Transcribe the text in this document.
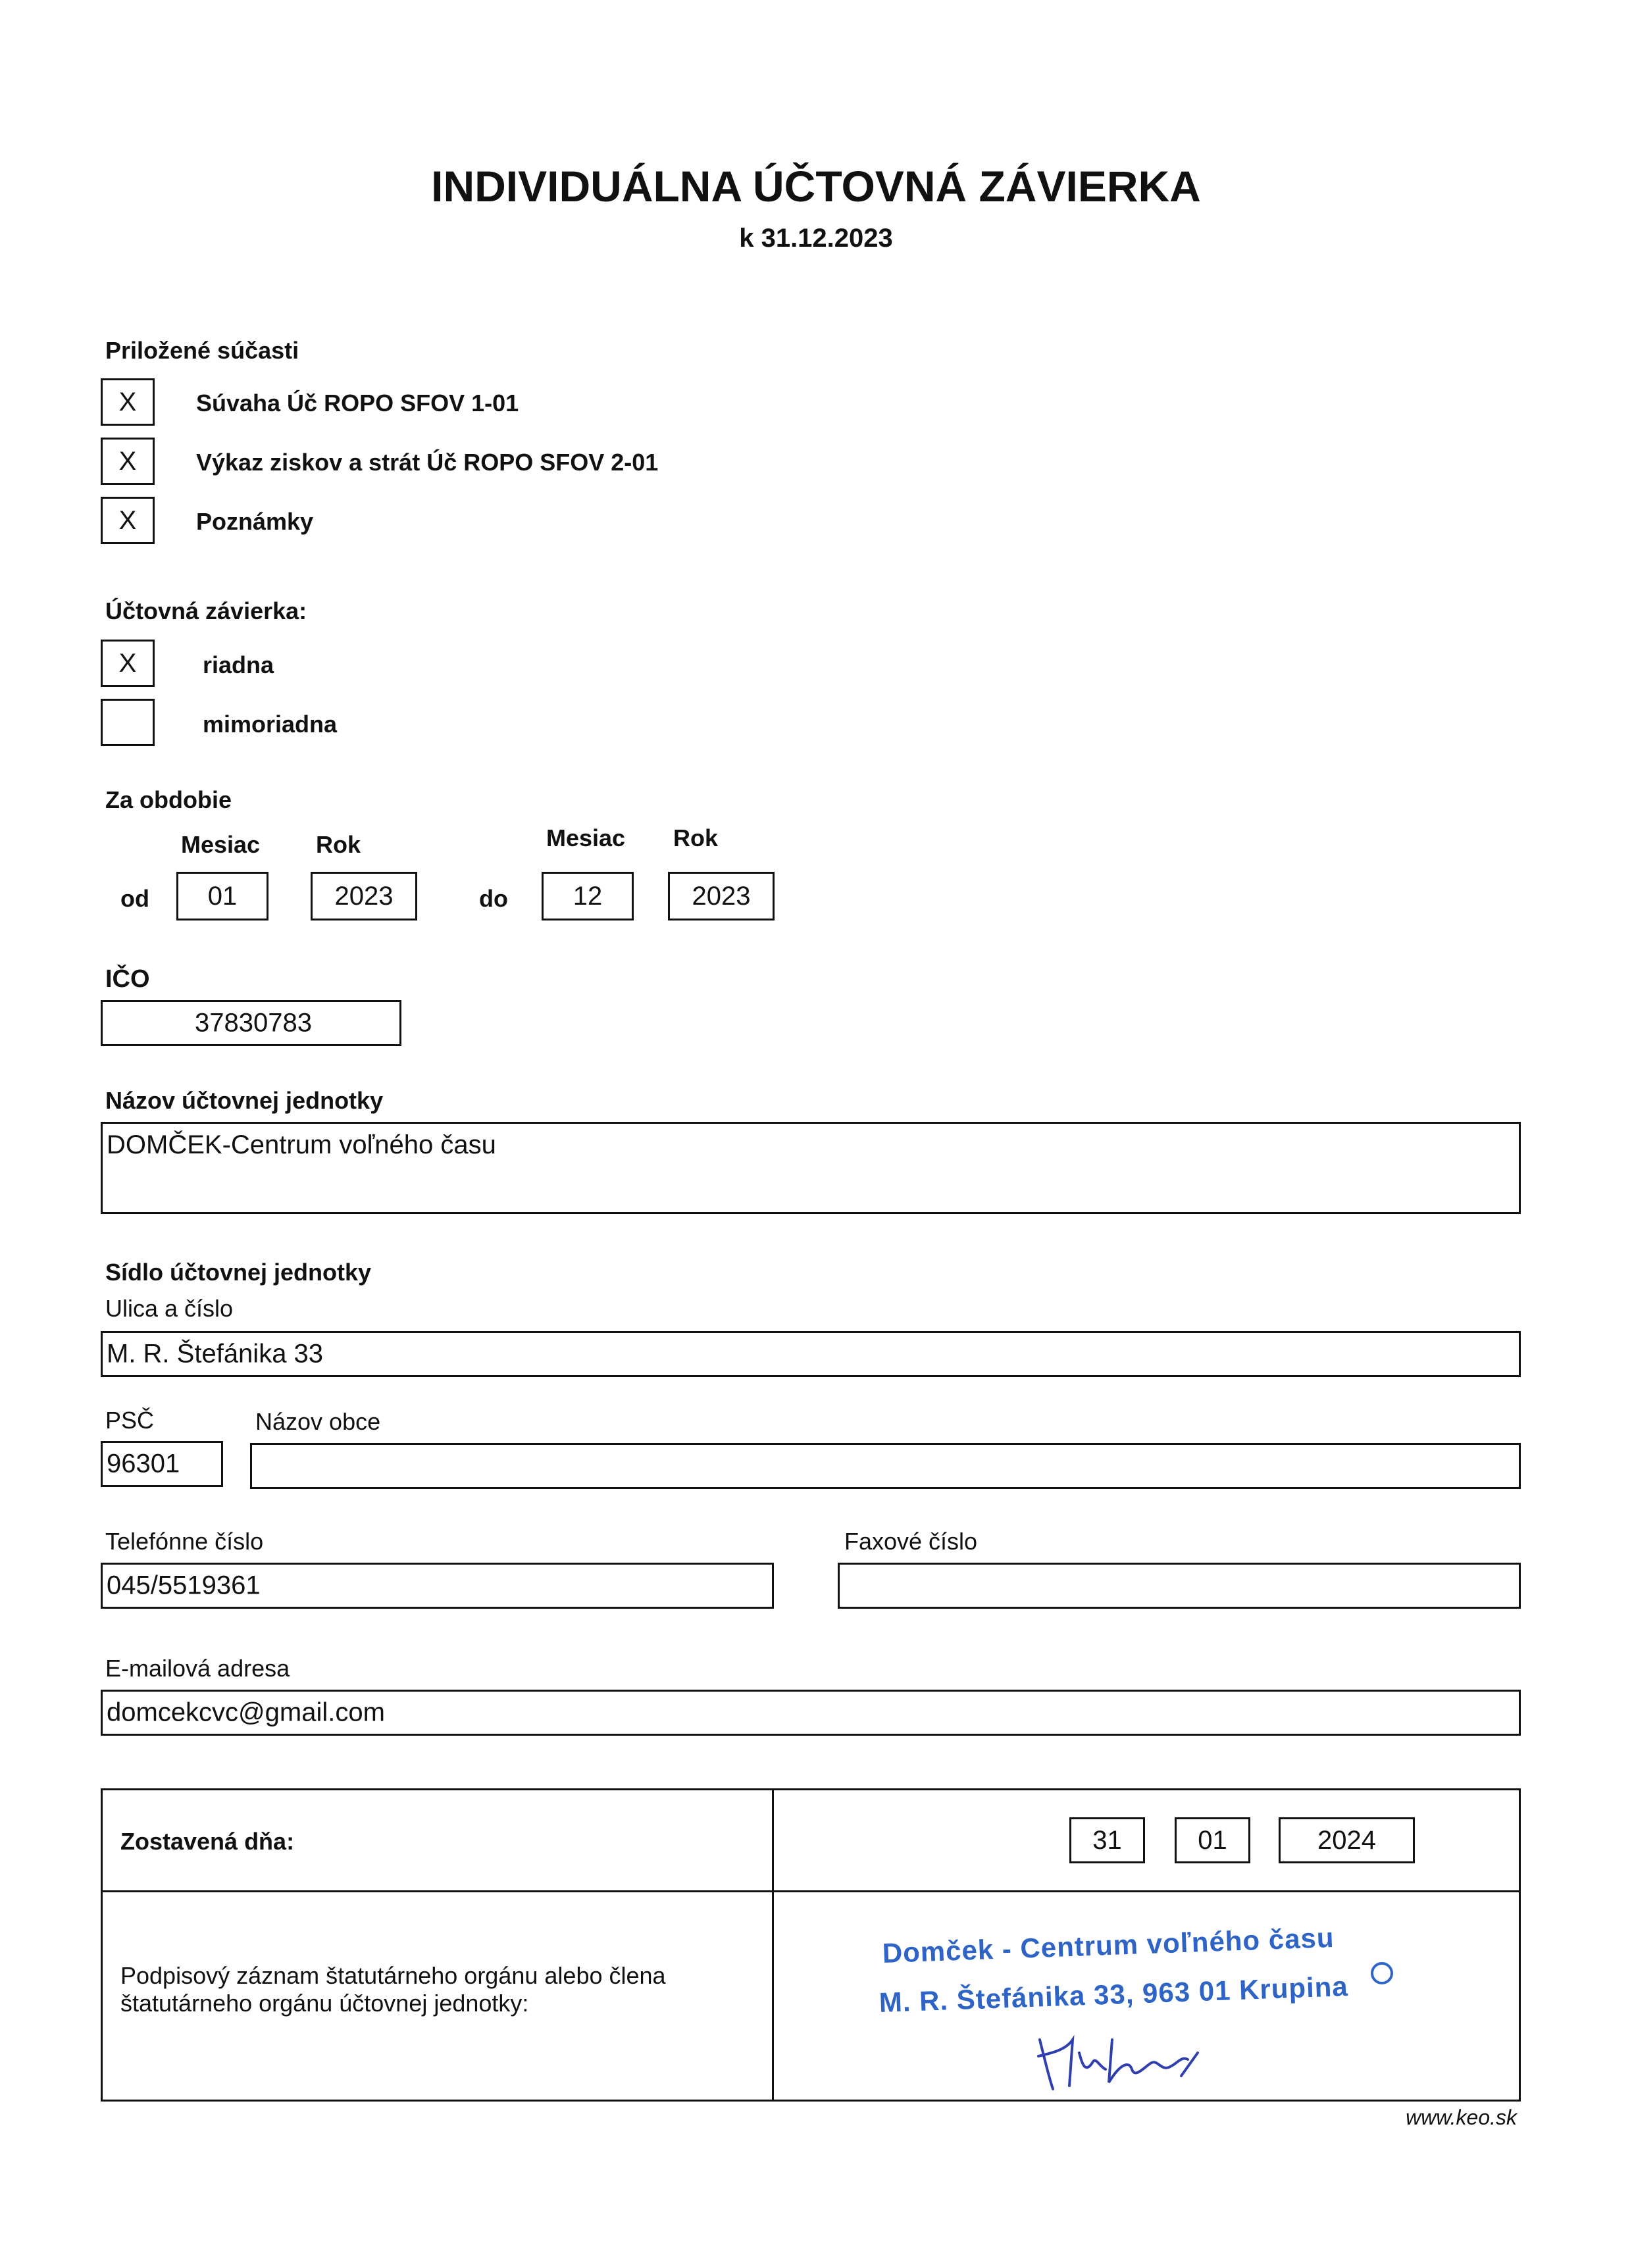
INDIVIDUÁLNA ÚČTOVNÁ ZÁVIERKA
k 31.12.2023
Priložené súčasti
X	Súvaha Úč ROPO SFOV 1-01
X	Výkaz ziskov a strát Úč ROPO SFOV 2-01
X	Poznámky
Účtovná závierka:
X	riadna
mimoriadna
Za obdobie
Mesiac Rok	Mesiac Rok
od	01	2023	do	12	2023
IČO
37830783
Názov účtovnej jednotky
DOMČEK-Centrum voľného času
Sídlo účtovnej jednotky
Ulica a číslo
M. R. Štefánika 33
PSČ	Názov obce
96301
Telefónne číslo	Faxové číslo
045/5519361
E-mailová adresa
domcekcvc@gmail.com
Zostavená dňa:	31	01	2024
Podpisový záznam štatutárneho orgánu alebo člena
štatutárneho orgánu účtovnej jednotky:
Domček - Centrum voľného času
M. R. Štefánika 33, 963 01 Krupina
www.keo.sk
